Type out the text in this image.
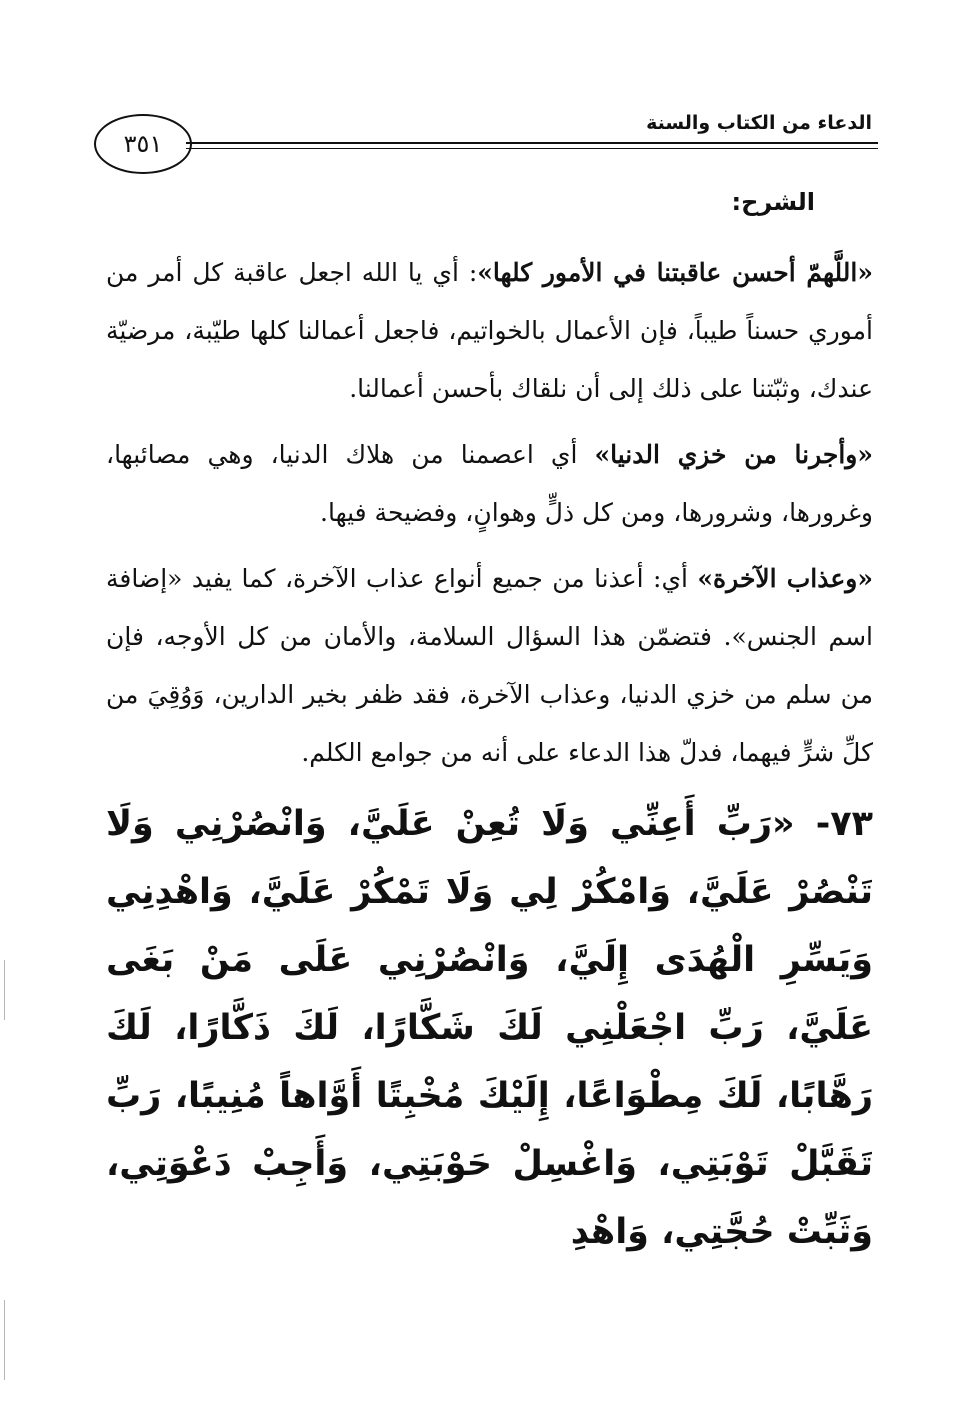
الدعاء من الكتاب والسنة
٣٥١
الشرح:

«اللَّهمّ أحسن عاقبتنا في الأمور كلها»: أي يا الله اجعل عاقبة كل أمر من أموري حسناً طيباً، فإن الأعمال بالخواتيم، فاجعل أعمالنا كلها طيّبة، مرضيّة عندك، وثبّتنا على ذلك إلى أن نلقاك بأحسن أعمالنا.

«وأجرنا من خزي الدنيا» أي اعصمنا من هلاك الدنيا، وهي مصائبها، وغرورها، وشرورها، ومن كل ذلٍّ وهوانٍ، وفضيحة فيها.

«وعذاب الآخرة» أي: أعذنا من جميع أنواع عذاب الآخرة، كما يفيد «إضافة اسم الجنس». فتضمّن هذا السؤال السلامة، والأمان من كل الأوجه، فإن من سلم من خزي الدنيا، وعذاب الآخرة، فقد ظفر بخير الدارين، وَوُقِيَ من كلِّ شرٍّ فيهما، فدلّ هذا الدعاء على أنه من جوامع الكلم.

٧٣- «رَبِّ أَعِنِّي وَلَا تُعِنْ عَلَيَّ، وَانْصُرْنِي وَلَا تَنْصُرْ عَلَيَّ، وَامْكُرْ لِي وَلَا تَمْكُرْ عَلَيَّ، وَاهْدِنِي وَيَسِّرِ الْهُدَى إِلَيَّ، وَانْصُرْنِي عَلَى مَنْ بَغَى عَلَيَّ، رَبِّ اجْعَلْنِي لَكَ شَكَّارًا، لَكَ ذَكَّارًا، لَكَ رَهَّابًا، لَكَ مِطْوَاعًا، إِلَيْكَ مُخْبِتًا أَوَّاهاً مُنِيبًا، رَبِّ تَقَبَّلْ تَوْبَتِي، وَاغْسِلْ حَوْبَتِي، وَأَجِبْ دَعْوَتِي، وَثَبِّتْ حُجَّتِي، وَاهْدِ
